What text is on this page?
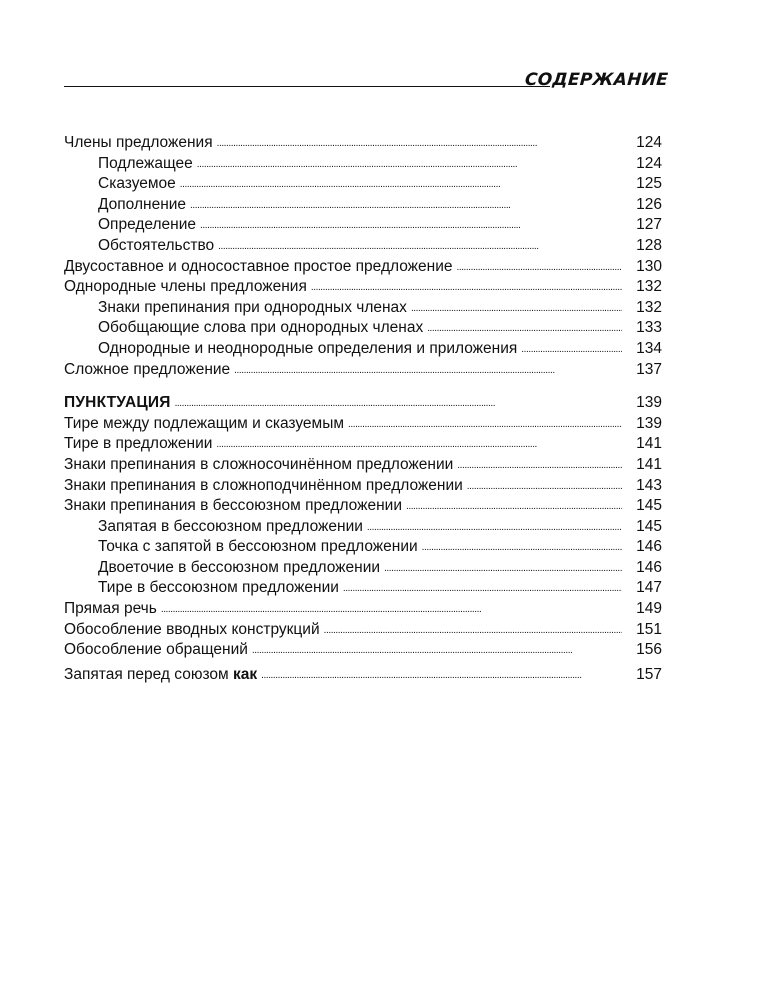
СОДЕРЖАНИЕ
Члены предложения . . .	124
Подлежащее . . .	124
Сказуемое . . .	125
Дополнение . . .	126
Определение . . .	127
Обстоятельство . . .	128
Двусоставное и односоставное простое предложение . . .	130
Однородные члены предложения . . .	132
Знаки препинания при однородных членах . . .	132
Обобщающие слова при однородных членах . . .	133
Однородные и неоднородные определения и приложения . . .	134
Сложное предложение . . .	137
ПУНКТУАЦИЯ . . .	139
Тире между подлежащим и сказуемым . . .	139
Тире в предложении . . .	141
Знаки препинания в сложносочинённом предложении . . .	141
Знаки препинания в сложноподчинённом предложении . . .	143
Знаки препинания в бессоюзном предложении . . .	145
Запятая в бессоюзном предложении . . .	145
Точка с запятой в бессоюзном предложении . . .	146
Двоеточие в бессоюзном предложении . . .	146
Тире в бессоюзном предложении . . .	147
Прямая речь . . .	149
Обособление вводных конструкций . . .	151
Обособление обращений . . .	156
Запятая перед союзом как . . .	157
